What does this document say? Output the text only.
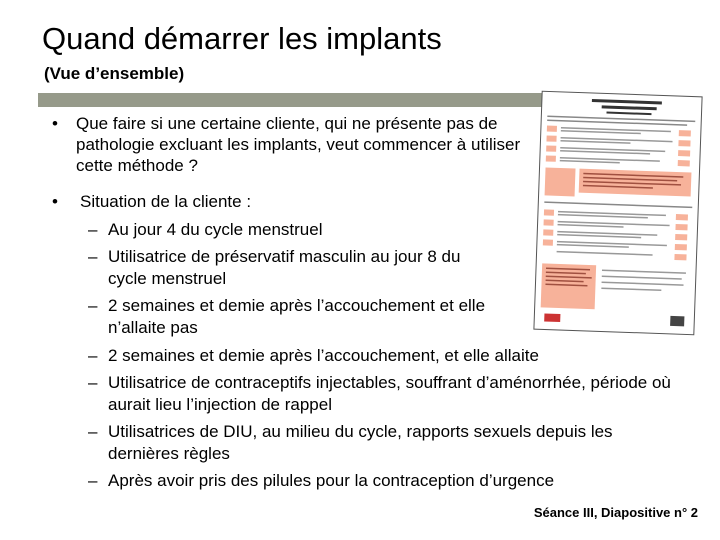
Quand démarrer les implants
(Vue d’ensemble)
• Que faire si une certaine cliente, qui ne présente pas de pathologie excluant les implants, veut commencer à utiliser cette méthode ?
• Situation de la cliente :
– Au jour 4 du cycle menstruel
– Utilisatrice de préservatif masculin au jour 8 du cycle menstruel
– 2 semaines et demie après l’accouchement et elle n’allaite pas
– 2 semaines et demie après l’accouchement, et elle allaite
– Utilisatrice de contraceptifs injectables, souffrant d’aménorrhée, période où aurait lieu l’injection de rappel
– Utilisatrices de DIU, au milieu du cycle, rapports sexuels depuis les dernières règles
– Après avoir pris des pilules pour la contraception d’urgence
Séance III, Diapositive n° 2
